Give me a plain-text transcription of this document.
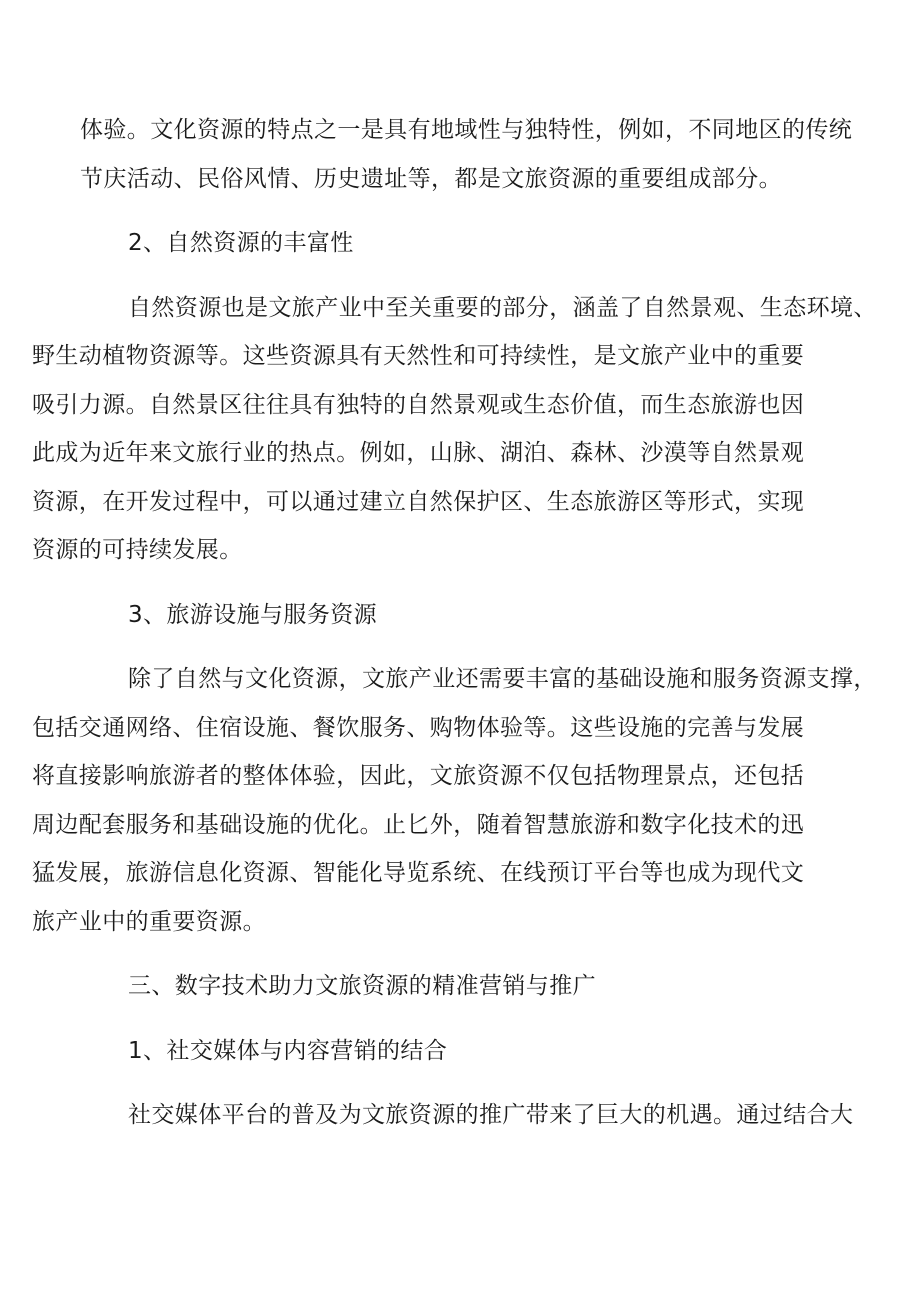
体验。文化资源的特点之一是具有地域性与独特性，例如，不同地区的传统
节庆活动、民俗风情、历史遗址等，都是文旅资源的重要组成部分。

2、自然资源的丰富性

自然资源也是文旅产业中至关重要的部分，涵盖了自然景观、生态环境、
野生动植物资源等。这些资源具有天然性和可持续性，是文旅产业中的重要
吸引力源。自然景区往往具有独特的自然景观或生态价值，而生态旅游也因
此成为近年来文旅行业的热点。例如，山脉、湖泊、森林、沙漠等自然景观
资源，在开发过程中，可以通过建立自然保护区、生态旅游区等形式，实现
资源的可持续发展。

3、旅游设施与服务资源

除了自然与文化资源，文旅产业还需要丰富的基础设施和服务资源支撑，
包括交通网络、住宿设施、餐饮服务、购物体验等。这些设施的完善与发展
将直接影响旅游者的整体体验，因此，文旅资源不仅包括物理景点，还包括
周边配套服务和基础设施的优化。止匕外，随着智慧旅游和数字化技术的迅
猛发展，旅游信息化资源、智能化导览系统、在线预订平台等也成为现代文
旅产业中的重要资源。

三、数字技术助力文旅资源的精准营销与推广

1、社交媒体与内容营销的结合

社交媒体平台的普及为文旅资源的推广带来了巨大的机遇。通过结合大
